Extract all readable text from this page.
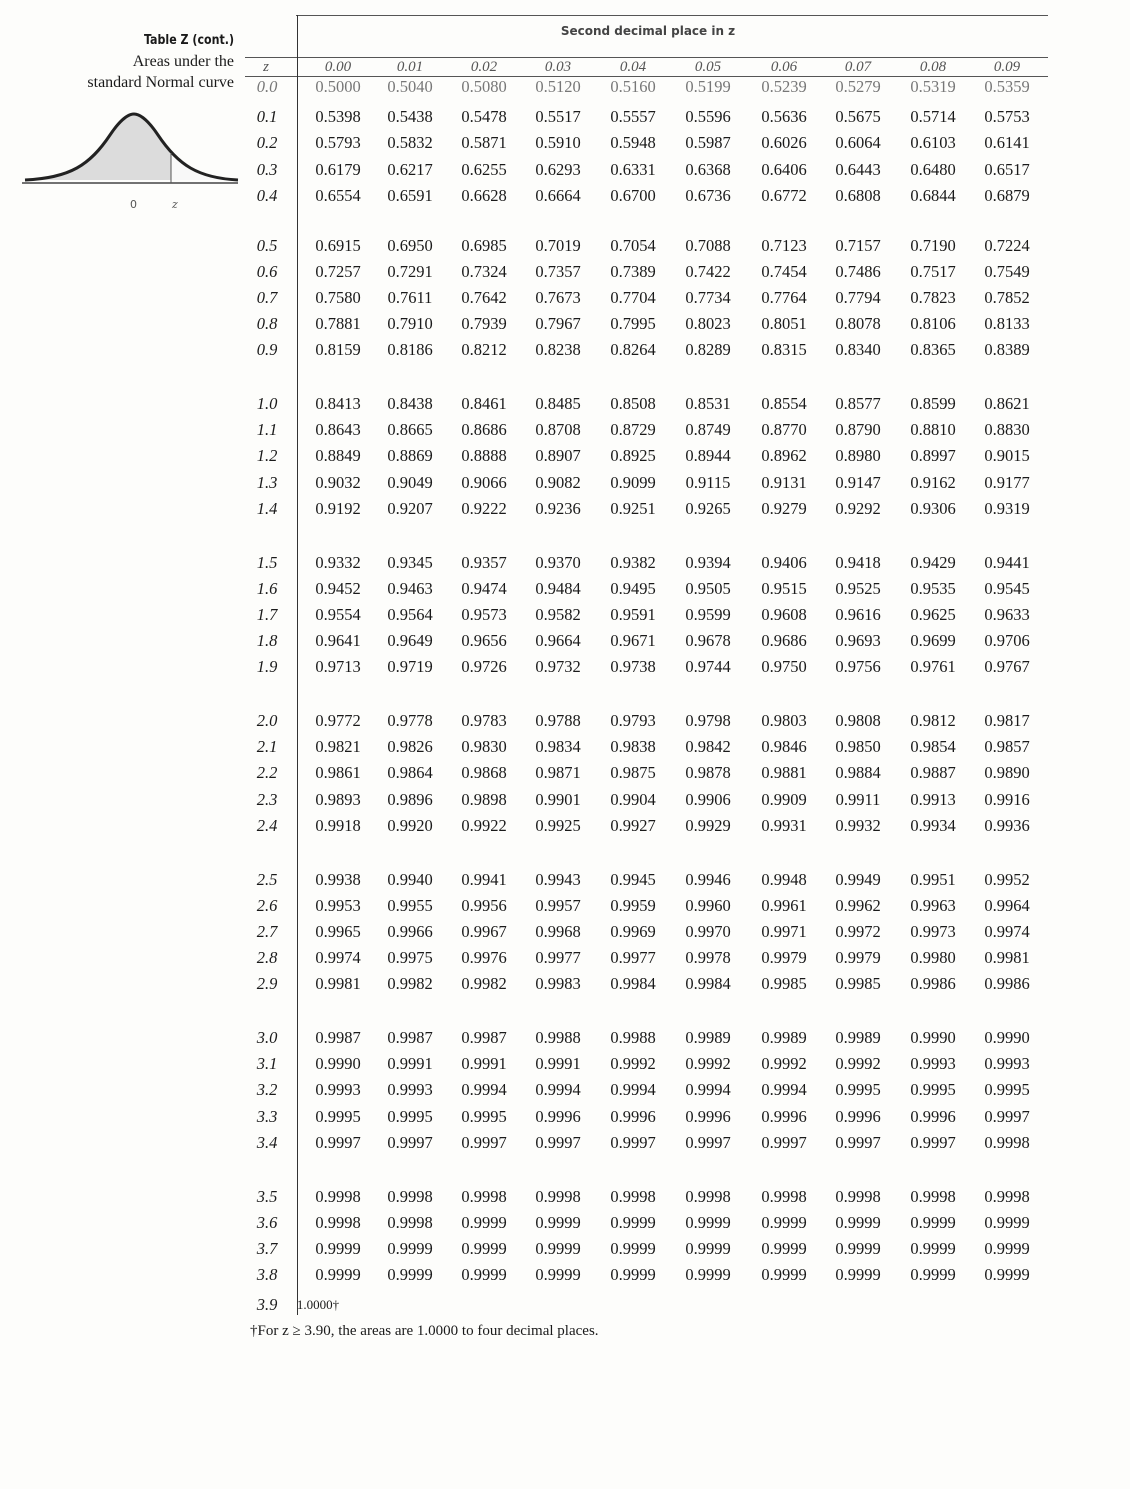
Table Z (cont.)
Areas under the
standard Normal curve
0	z
Second decimal place in z
z	0.00	0.01	0.02	0.03	0.04	0.05	0.06	0.07	0.08	0.09
0.0 0.5000 0.5040 0.5080 0.5120 0.5160 0.5199 0.5239 0.5279 0.5319 0.5359
0.1 0.5398 0.5438 0.5478 0.5517 0.5557 0.5596 0.5636 0.5675 0.5714 0.5753
0.2 0.5793 0.5832 0.5871 0.5910 0.5948 0.5987 0.6026 0.6064 0.6103 0.6141
0.3 0.6179 0.6217 0.6255 0.6293 0.6331 0.6368 0.6406 0.6443 0.6480 0.6517
0.4 0.6554 0.6591 0.6628 0.6664 0.6700 0.6736 0.6772 0.6808 0.6844 0.6879
0.5 0.6915 0.6950 0.6985 0.7019 0.7054 0.7088 0.7123 0.7157 0.7190 0.7224
0.6 0.7257 0.7291 0.7324 0.7357 0.7389 0.7422 0.7454 0.7486 0.7517 0.7549
0.7 0.7580 0.7611 0.7642 0.7673 0.7704 0.7734 0.7764 0.7794 0.7823 0.7852
0.8 0.7881 0.7910 0.7939 0.7967 0.7995 0.8023 0.8051 0.8078 0.8106 0.8133
0.9 0.8159 0.8186 0.8212 0.8238 0.8264 0.8289 0.8315 0.8340 0.8365 0.8389
1.0 0.8413 0.8438 0.8461 0.8485 0.8508 0.8531 0.8554 0.8577 0.8599 0.8621
1.1 0.8643 0.8665 0.8686 0.8708 0.8729 0.8749 0.8770 0.8790 0.8810 0.8830
1.2 0.8849 0.8869 0.8888 0.8907 0.8925 0.8944 0.8962 0.8980 0.8997 0.9015
1.3 0.9032 0.9049 0.9066 0.9082 0.9099 0.9115 0.9131 0.9147 0.9162 0.9177
1.4 0.9192 0.9207 0.9222 0.9236 0.9251 0.9265 0.9279 0.9292 0.9306 0.9319
1.5 0.9332 0.9345 0.9357 0.9370 0.9382 0.9394 0.9406 0.9418 0.9429 0.9441
1.6 0.9452 0.9463 0.9474 0.9484 0.9495 0.9505 0.9515 0.9525 0.9535 0.9545
1.7 0.9554 0.9564 0.9573 0.9582 0.9591 0.9599 0.9608 0.9616 0.9625 0.9633
1.8 0.9641 0.9649 0.9656 0.9664 0.9671 0.9678 0.9686 0.9693 0.9699 0.9706
1.9 0.9713 0.9719 0.9726 0.9732 0.9738 0.9744 0.9750 0.9756 0.9761 0.9767
2.0 0.9772 0.9778 0.9783 0.9788 0.9793 0.9798 0.9803 0.9808 0.9812 0.9817
2.1 0.9821 0.9826 0.9830 0.9834 0.9838 0.9842 0.9846 0.9850 0.9854 0.9857
2.2 0.9861 0.9864 0.9868 0.9871 0.9875 0.9878 0.9881 0.9884 0.9887 0.9890
2.3 0.9893 0.9896 0.9898 0.9901 0.9904 0.9906 0.9909 0.9911 0.9913 0.9916
2.4 0.9918 0.9920 0.9922 0.9925 0.9927 0.9929 0.9931 0.9932 0.9934 0.9936
2.5 0.9938 0.9940 0.9941 0.9943 0.9945 0.9946 0.9948 0.9949 0.9951 0.9952
2.6 0.9953 0.9955 0.9956 0.9957 0.9959 0.9960 0.9961 0.9962 0.9963 0.9964
2.7 0.9965 0.9966 0.9967 0.9968 0.9969 0.9970 0.9971 0.9972 0.9973 0.9974
2.8 0.9974 0.9975 0.9976 0.9977 0.9977 0.9978 0.9979 0.9979 0.9980 0.9981
2.9 0.9981 0.9982 0.9982 0.9983 0.9984 0.9984 0.9985 0.9985 0.9986 0.9986
3.0 0.9987 0.9987 0.9987 0.9988 0.9988 0.9989 0.9989 0.9989 0.9990 0.9990
3.1 0.9990 0.9991 0.9991 0.9991 0.9992 0.9992 0.9992 0.9992 0.9993 0.9993
3.2 0.9993 0.9993 0.9994 0.9994 0.9994 0.9994 0.9994 0.9995 0.9995 0.9995
3.3 0.9995 0.9995 0.9995 0.9996 0.9996 0.9996 0.9996 0.9996 0.9996 0.9997
3.4 0.9997 0.9997 0.9997 0.9997 0.9997 0.9997 0.9997 0.9997 0.9997 0.9998
3.5 0.9998 0.9998 0.9998 0.9998 0.9998 0.9998 0.9998 0.9998 0.9998 0.9998
3.6 0.9998 0.9998 0.9999 0.9999 0.9999 0.9999 0.9999 0.9999 0.9999 0.9999
3.7 0.9999 0.9999 0.9999 0.9999 0.9999 0.9999 0.9999 0.9999 0.9999 0.9999
3.8 0.9999 0.9999 0.9999 0.9999 0.9999 0.9999 0.9999 0.9999 0.9999 0.9999
3.9 1.0000†
†For z ≥ 3.90, the areas are 1.0000 to four decimal places.
